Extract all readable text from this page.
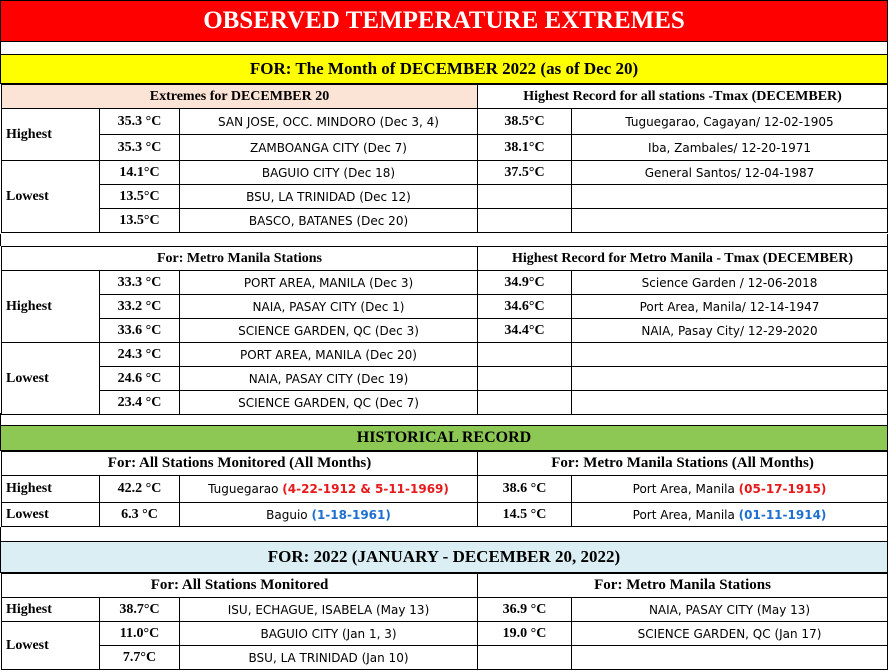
OBSERVED TEMPERATURE EXTREMES
FOR: The Month of DECEMBER 2022 (as of Dec 20)
Extremes for DECEMBER 20			Highest Record for all stations -Tmax (DECEMBER)	
Highest	35.3 °C	SAN JOSE, OCC. MINDORO (Dec 3, 4)	38.5°C	Tuguegarao, Cagayan/ 12-02-1905
	35.3 °C	ZAMBOANGA CITY (Dec 7)	38.1°C	Iba, Zambales/ 12-20-1971
Lowest	14.1°C	BAGUIO CITY (Dec 18)	37.5°C	General Santos/ 12-04-1987
	13.5°C	BSU, LA TRINIDAD (Dec 12)		
	13.5°C	BASCO, BATANES (Dec 20)		
For: Metro Manila Stations			Highest Record for Metro Manila - Tmax (DECEMBER)	
Highest	33.3 °C	PORT AREA, MANILA (Dec 3)	34.9°C	Science Garden / 12-06-2018
	33.2 °C	NAIA, PASAY CITY (Dec 1)	34.6°C	Port Area, Manila/ 12-14-1947
	33.6 °C	SCIENCE GARDEN, QC (Dec 3)	34.4°C	NAIA, Pasay City/ 12-29-2020
Lowest	24.3 °C	PORT AREA, MANILA (Dec 20)		
	24.6 °C	NAIA, PASAY CITY (Dec 19)		
	23.4 °C	SCIENCE GARDEN, QC (Dec 7)		
HISTORICAL RECORD
For: All Stations Monitored (All Months)			For: Metro Manila Stations (All Months)	
Highest	42.2 °C	Tuguegarao (4-22-1912 & 5-11-1969)	38.6 °C	Port Area, Manila (05-17-1915)
Lowest	6.3 °C	Baguio (1-18-1961)	14.5 °C	Port Area, Manila (01-11-1914)
FOR: 2022 (JANUARY - DECEMBER 20, 2022)
For: All Stations Monitored			For: Metro Manila Stations	
Highest	38.7°C	ISU, ECHAGUE, ISABELA (May 13)	36.9 °C	NAIA, PASAY CITY (May 13)
Lowest	11.0°C	BAGUIO CITY (Jan 1, 3)	19.0 °C	SCIENCE GARDEN, QC (Jan 17)
	7.7°C	BSU, LA TRINIDAD (Jan 10)		
